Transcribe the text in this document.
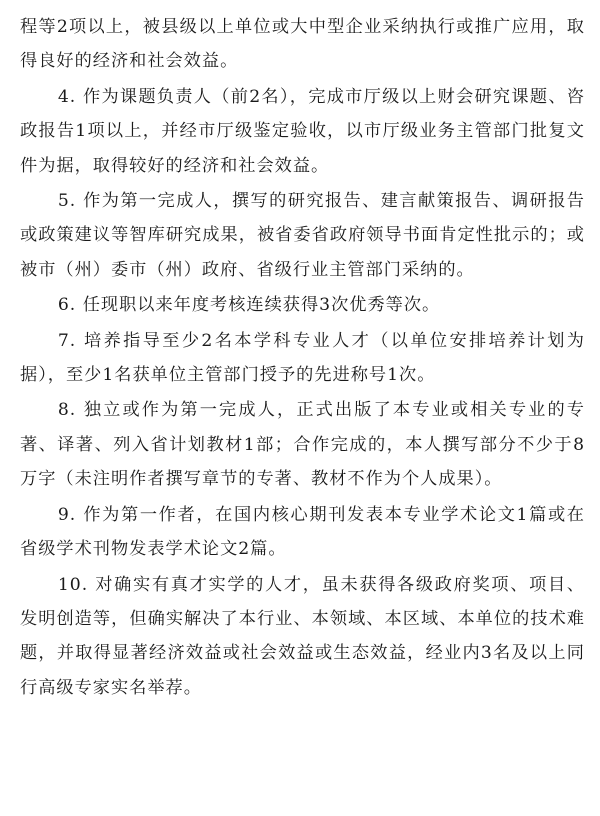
程等2项以上，被县级以上单位或大中型企业采纳执行或推广应用，取得良好的经济和社会效益。

4. 作为课题负责人（前2名），完成市厅级以上财会研究课题、咨政报告1项以上，并经市厅级鉴定验收，以市厅级业务主管部门批复文件为据，取得较好的经济和社会效益。

5. 作为第一完成人，撰写的研究报告、建言献策报告、调研报告或政策建议等智库研究成果，被省委省政府领导书面肯定性批示的；或被市（州）委市（州）政府、省级行业主管部门采纳的。

6. 任现职以来年度考核连续获得3次优秀等次。

7. 培养指导至少2名本学科专业人才（以单位安排培养计划为据），至少1名获单位主管部门授予的先进称号1次。

8. 独立或作为第一完成人，正式出版了本专业或相关专业的专著、译著、列入省计划教材1部；合作完成的，本人撰写部分不少于8万字（未注明作者撰写章节的专著、教材不作为个人成果）。

9. 作为第一作者，在国内核心期刊发表本专业学术论文1篇或在省级学术刊物发表学术论文2篇。

10. 对确实有真才实学的人才，虽未获得各级政府奖项、项目、发明创造等，但确实解决了本行业、本领域、本区域、本单位的技术难题，并取得显著经济效益或社会效益或生态效益，经业内3名及以上同行高级专家实名举荐。
